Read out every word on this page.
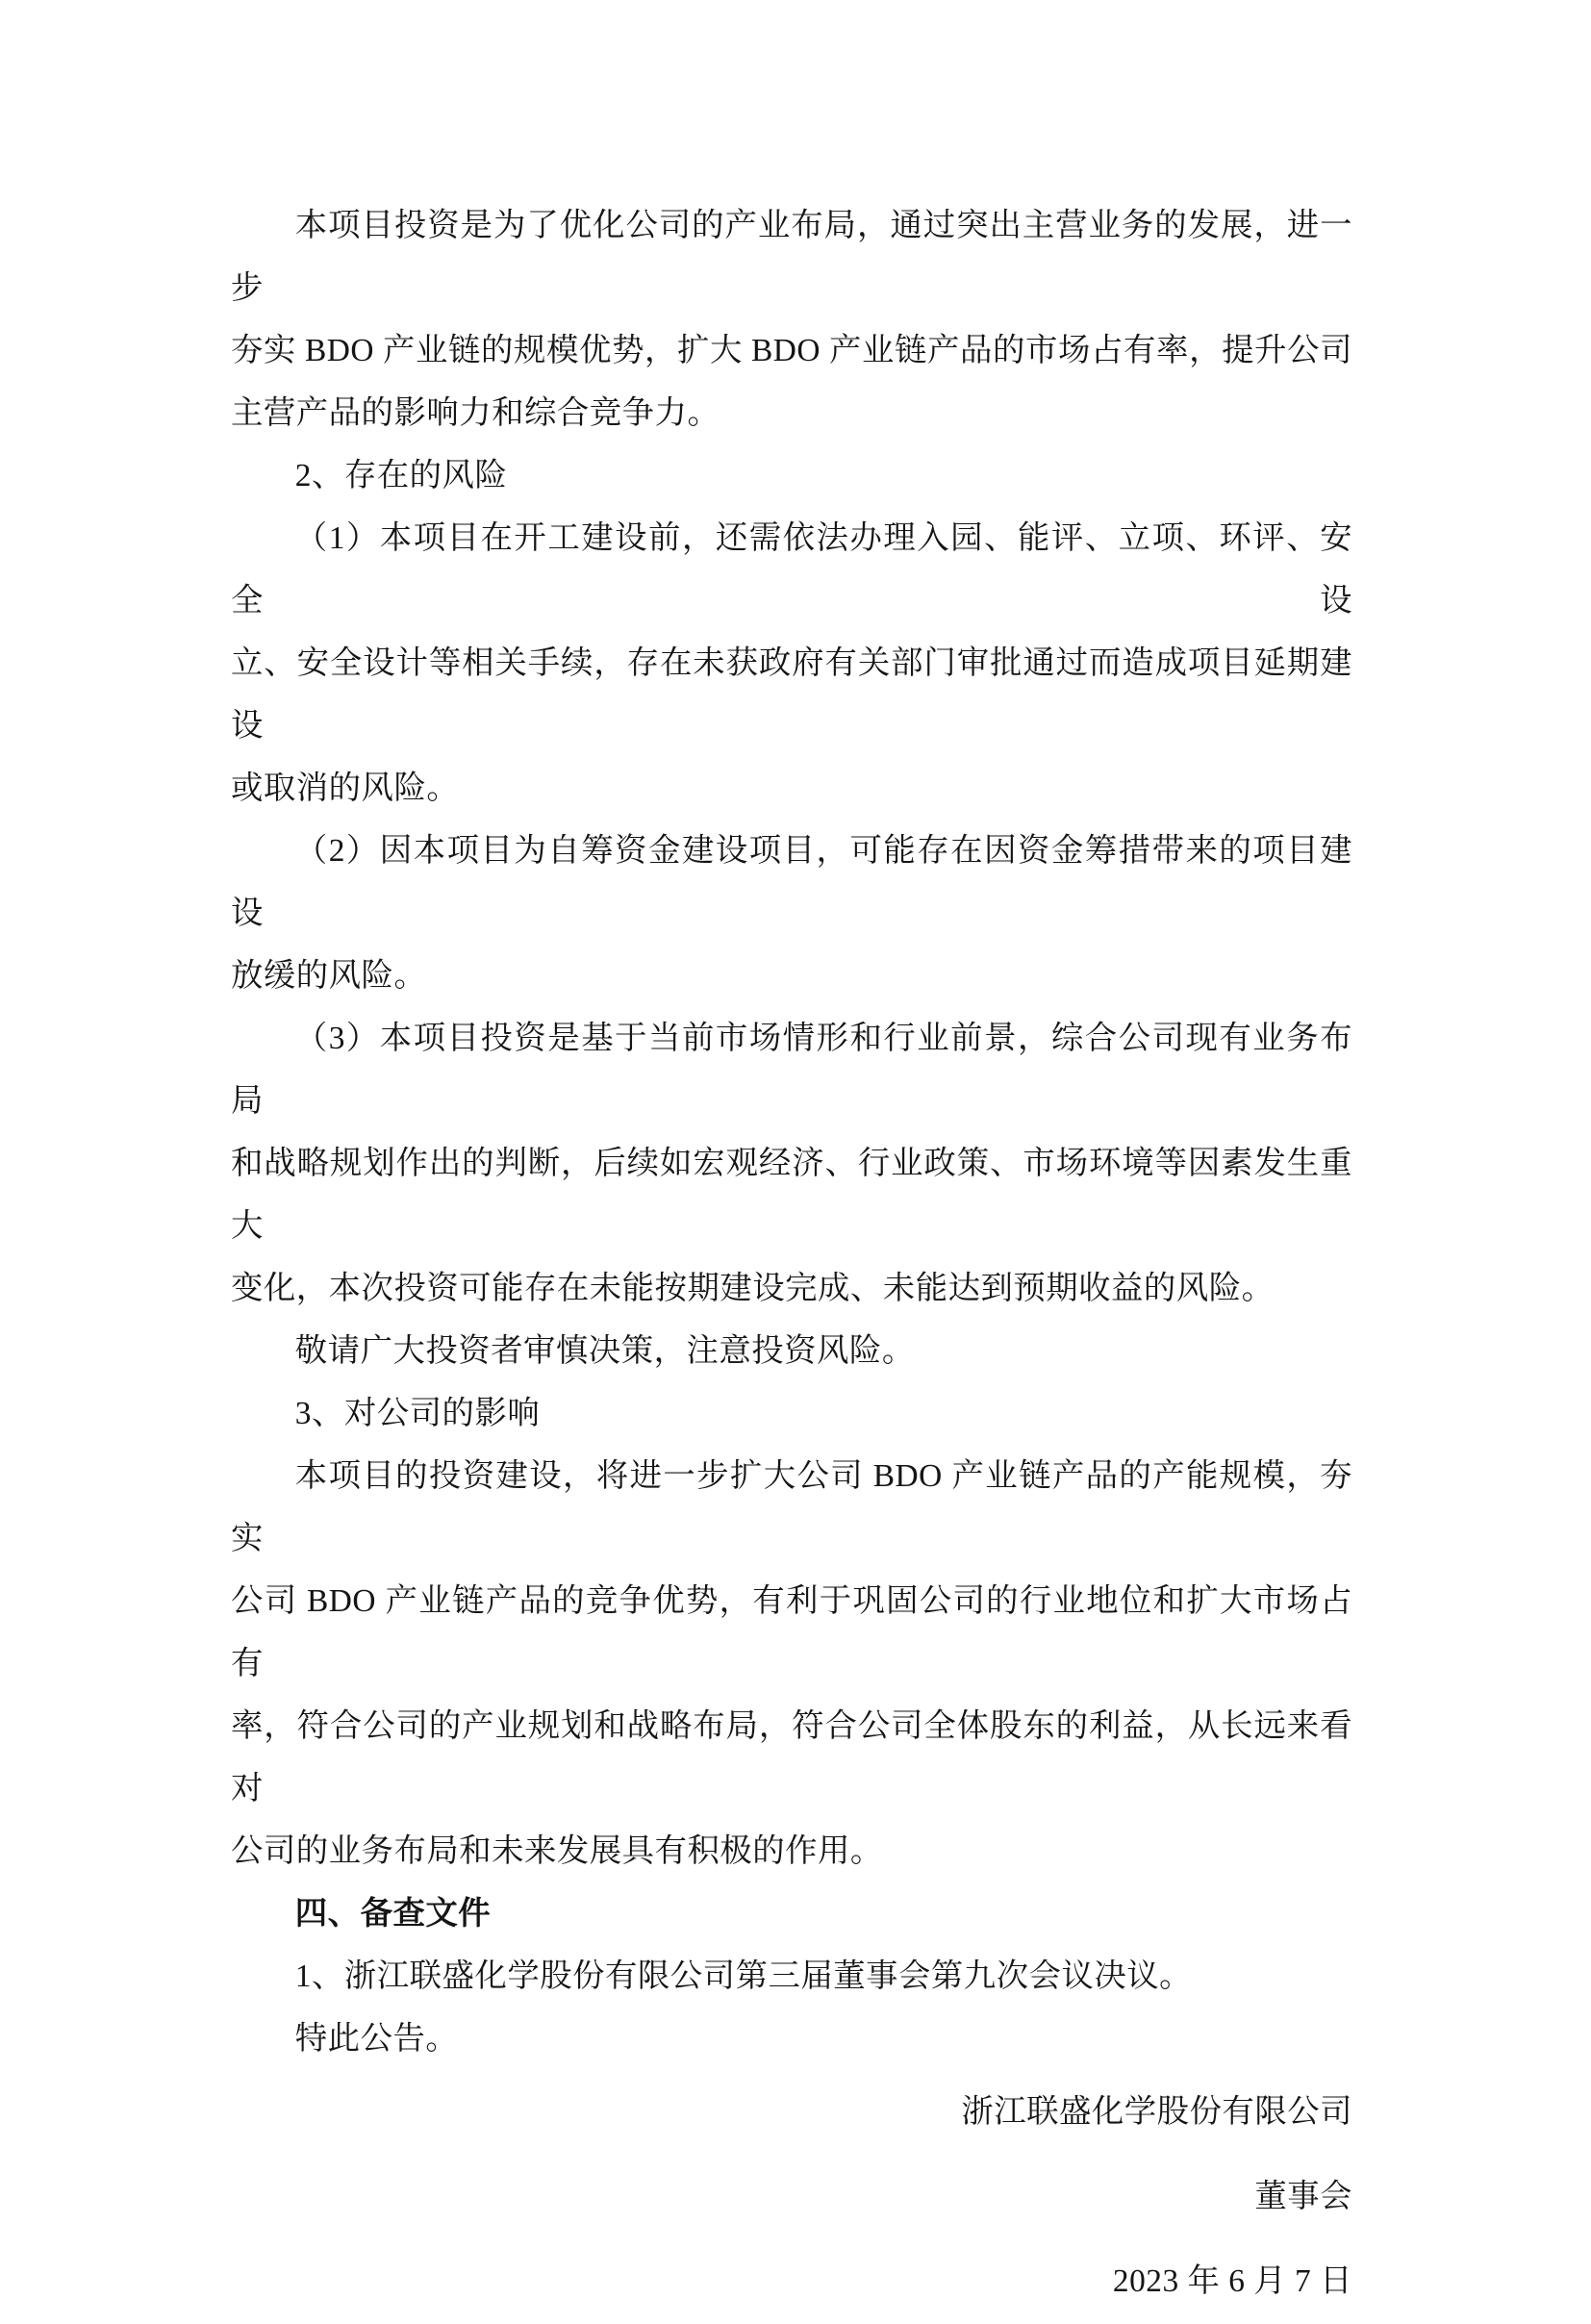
本项目投资是为了优化公司的产业布局，通过突出主营业务的发展，进一步

夯实 BDO 产业链的规模优势，扩大 BDO 产业链产品的市场占有率，提升公司

主营产品的影响力和综合竞争力。

2、存在的风险

（1）本项目在开工建设前，还需依法办理入园、能评、立项、环评、安全设

立、安全设计等相关手续，存在未获政府有关部门审批通过而造成项目延期建设

或取消的风险。

（2）因本项目为自筹资金建设项目，可能存在因资金筹措带来的项目建设

放缓的风险。

（3）本项目投资是基于当前市场情形和行业前景，综合公司现有业务布局

和战略规划作出的判断，后续如宏观经济、行业政策、市场环境等因素发生重大

变化，本次投资可能存在未能按期建设完成、未能达到预期收益的风险。

敬请广大投资者审慎决策，注意投资风险。

3、对公司的影响

本项目的投资建设，将进一步扩大公司 BDO 产业链产品的产能规模，夯实

公司 BDO 产业链产品的竞争优势，有利于巩固公司的行业地位和扩大市场占有

率，符合公司的产业规划和战略布局，符合公司全体股东的利益，从长远来看对

公司的业务布局和未来发展具有积极的作用。

四、备查文件

1、浙江联盛化学股份有限公司第三届董事会第九次会议决议。

特此公告。

浙江联盛化学股份有限公司

董事会

2023 年 6 月 7 日
